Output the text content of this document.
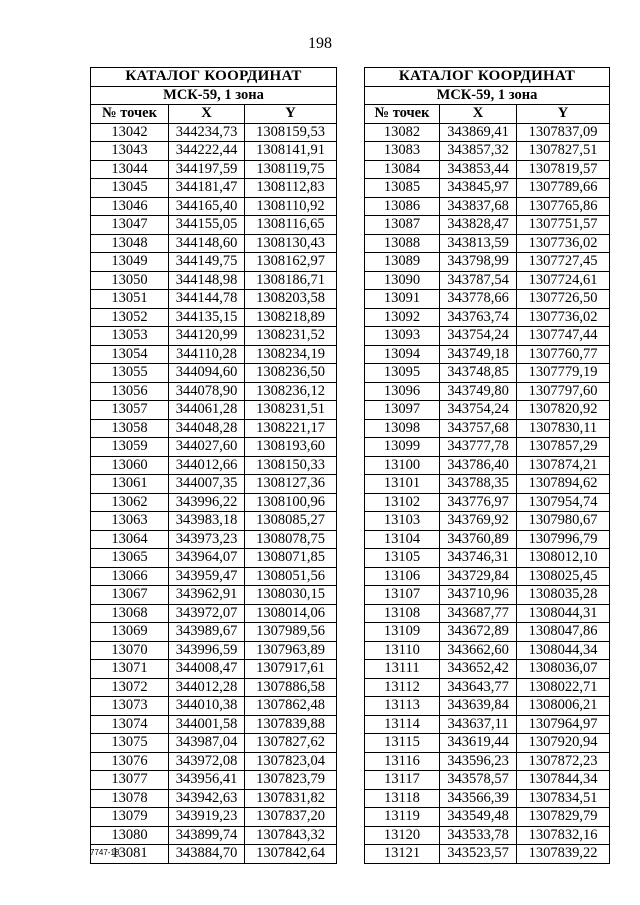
198
КАТАЛОГ КООРДИНАТ		
МСК-59, 1 зона		
№ точек	X	Y
13042	344234,73	1308159,53
13043	344222,44	1308141,91
13044	344197,59	1308119,75
13045	344181,47	1308112,83
13046	344165,40	1308110,92
13047	344155,05	1308116,65
13048	344148,60	1308130,43
13049	344149,75	1308162,97
13050	344148,98	1308186,71
13051	344144,78	1308203,58
13052	344135,15	1308218,89
13053	344120,99	1308231,52
13054	344110,28	1308234,19
13055	344094,60	1308236,50
13056	344078,90	1308236,12
13057	344061,28	1308231,51
13058	344048,28	1308221,17
13059	344027,60	1308193,60
13060	344012,66	1308150,33
13061	344007,35	1308127,36
13062	343996,22	1308100,96
13063	343983,18	1308085,27
13064	343973,23	1308078,75
13065	343964,07	1308071,85
13066	343959,47	1308051,56
13067	343962,91	1308030,15
13068	343972,07	1308014,06
13069	343989,67	1307989,56
13070	343996,59	1307963,89
13071	344008,47	1307917,61
13072	344012,28	1307886,58
13073	344010,38	1307862,48
13074	344001,58	1307839,88
13075	343987,04	1307827,62
13076	343972,08	1307823,04
13077	343956,41	1307823,79
13078	343942,63	1307831,82
13079	343919,23	1307837,20
13080	343899,74	1307843,32
13081	343884,70	1307842,64
КАТАЛОГ КООРДИНАТ		
МСК-59, 1 зона		
№ точек	X	Y
13082	343869,41	1307837,09
13083	343857,32	1307827,51
13084	343853,44	1307819,57
13085	343845,97	1307789,66
13086	343837,68	1307765,86
13087	343828,47	1307751,57
13088	343813,59	1307736,02
13089	343798,99	1307727,45
13090	343787,54	1307724,61
13091	343778,66	1307726,50
13092	343763,74	1307736,02
13093	343754,24	1307747,44
13094	343749,18	1307760,77
13095	343748,85	1307779,19
13096	343749,80	1307797,60
13097	343754,24	1307820,92
13098	343757,68	1307830,11
13099	343777,78	1307857,29
13100	343786,40	1307874,21
13101	343788,35	1307894,62
13102	343776,97	1307954,74
13103	343769,92	1307980,67
13104	343760,89	1307996,79
13105	343746,31	1308012,10
13106	343729,84	1308025,45
13107	343710,96	1308035,28
13108	343687,77	1308044,31
13109	343672,89	1308047,86
13110	343662,60	1308044,34
13111	343652,42	1308036,07
13112	343643,77	1308022,71
13113	343639,84	1308006,21
13114	343637,11	1307964,97
13115	343619,44	1307920,94
13116	343596,23	1307872,23
13117	343578,57	1307844,34
13118	343566,39	1307834,51
13119	343549,48	1307829,79
13120	343533,78	1307832,16
13121	343523,57	1307839,22
7747-18
